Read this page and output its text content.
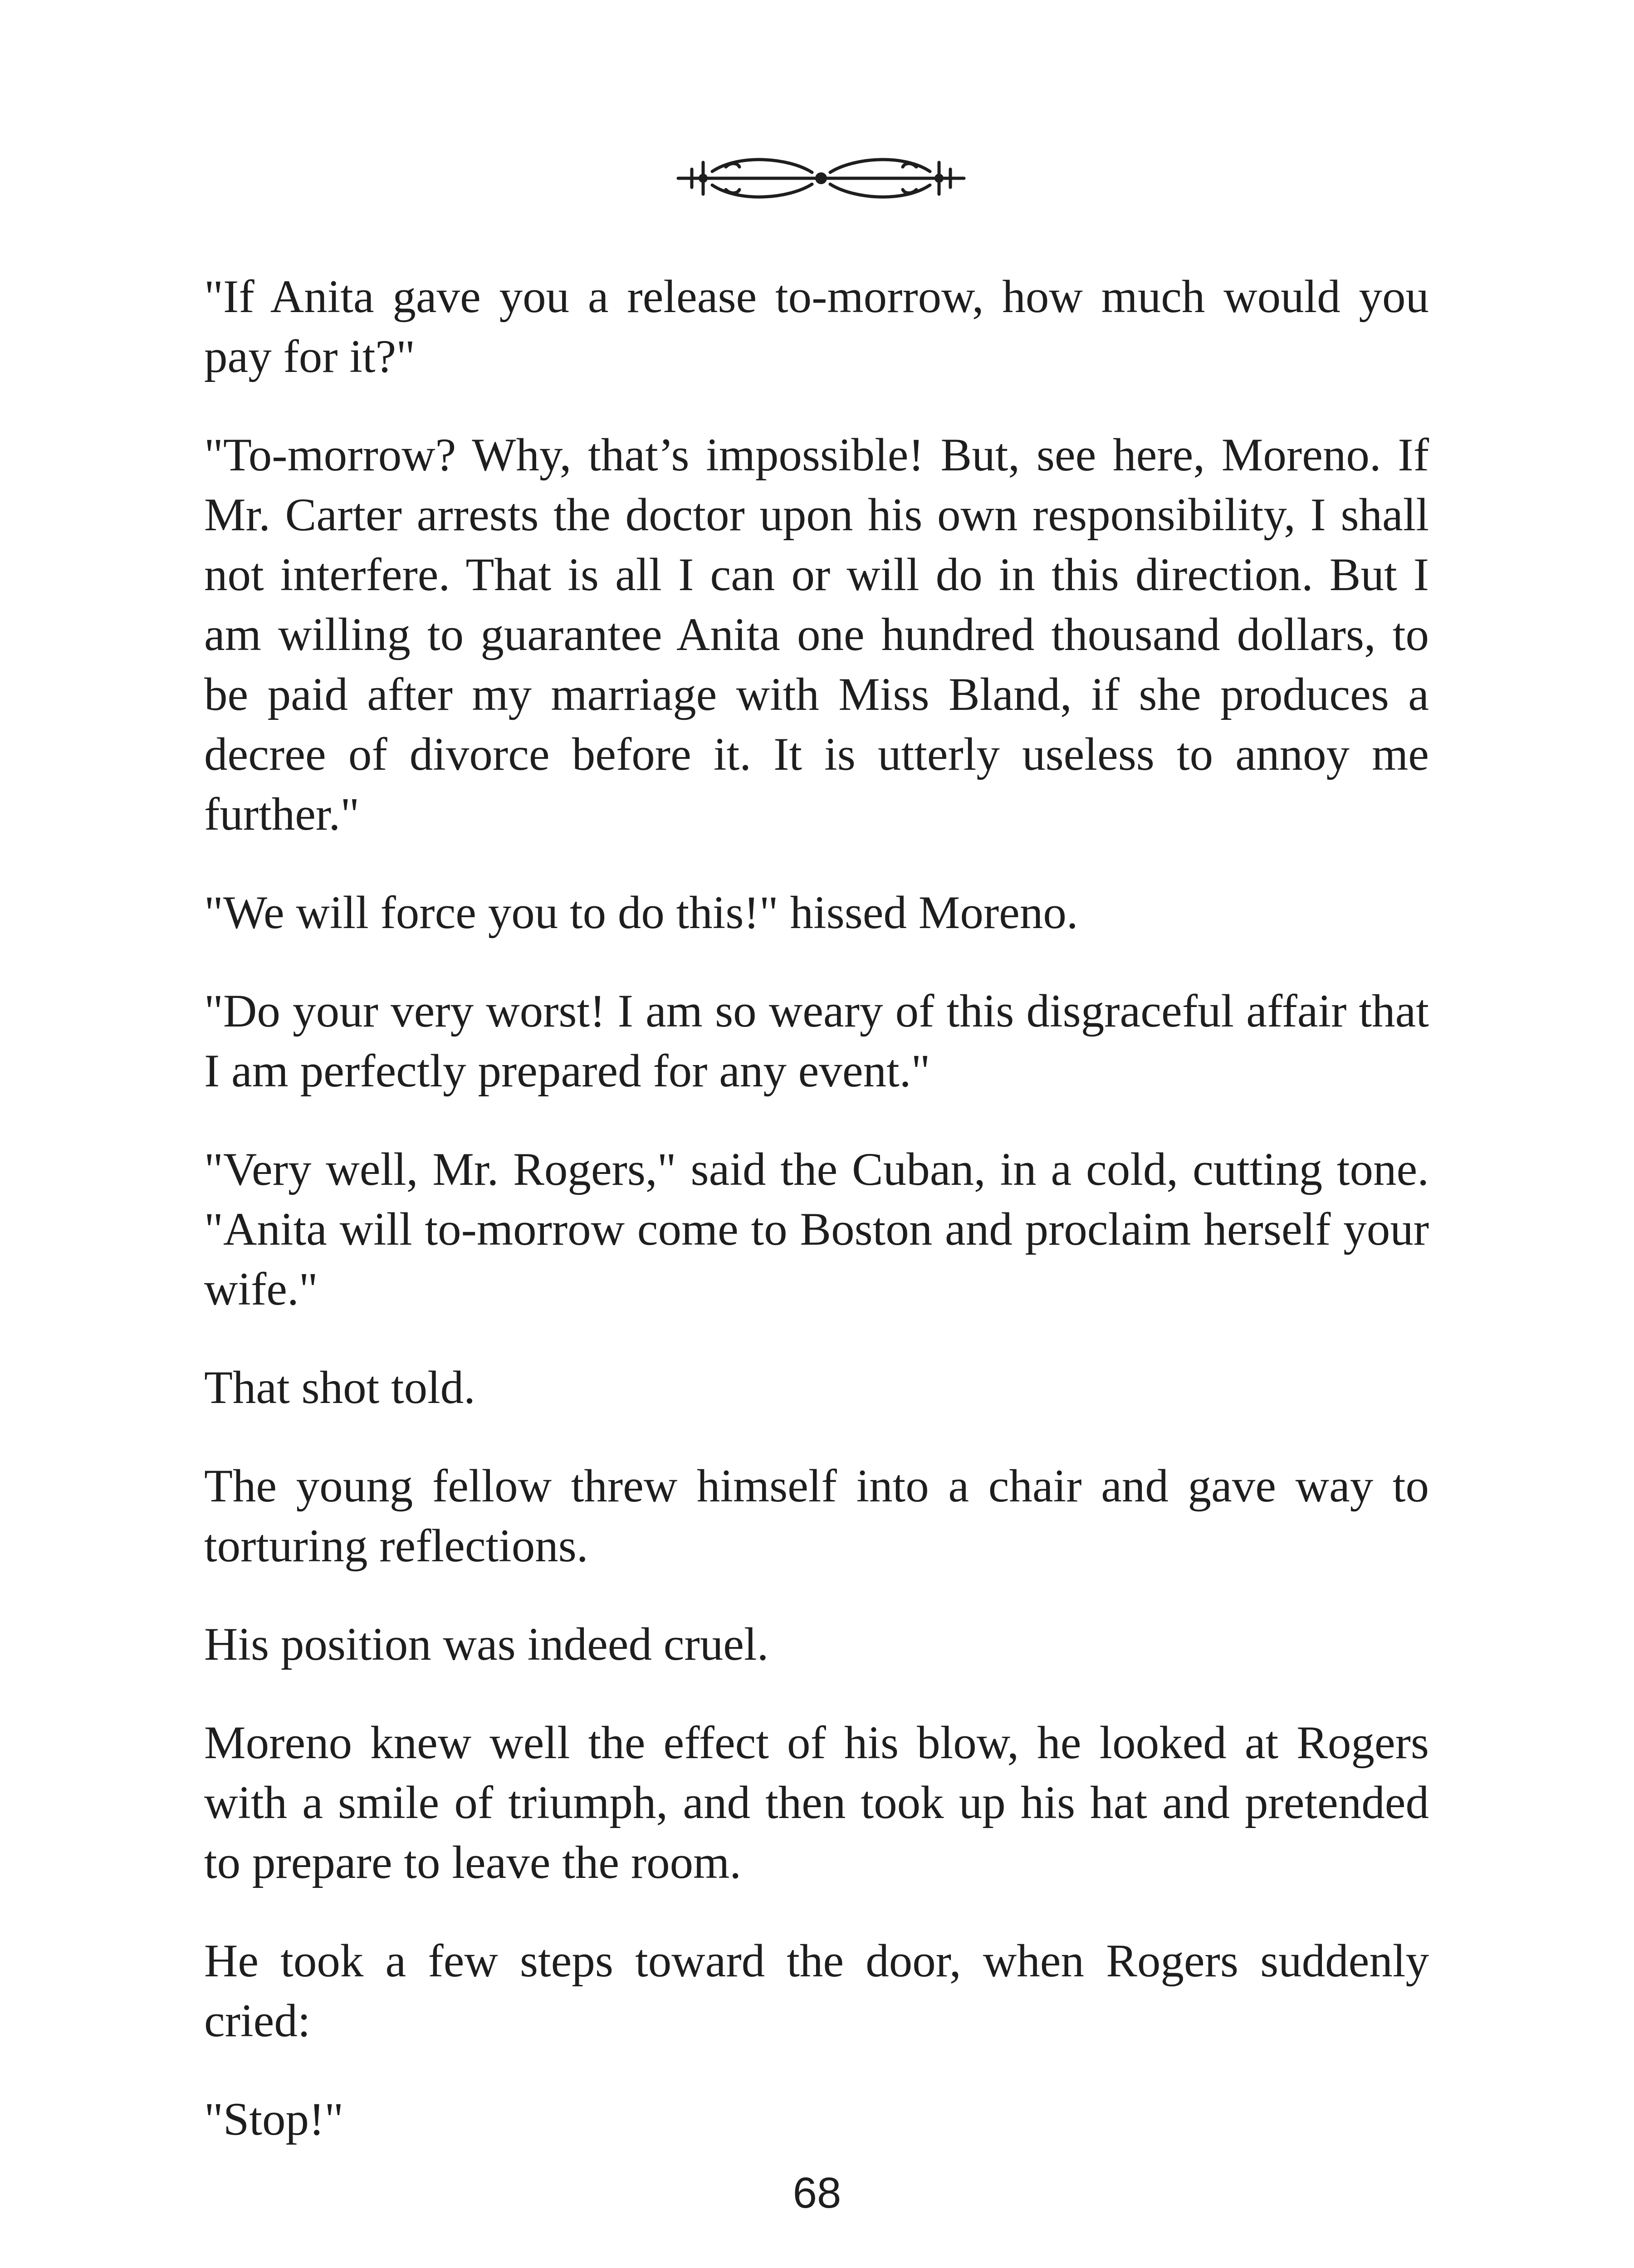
"If Anita gave you a release to-morrow, how much would you pay for it?"

"To-morrow? Why, that’s impossible! But, see here, Moreno. If Mr. Carter arrests the doctor upon his own responsibility, I shall not interfere. That is all I can or will do in this direction. But I am willing to guarantee Anita one hundred thousand dollars, to be paid after my marriage with Miss Bland, if she produces a decree of divorce before it. It is utterly useless to annoy me further."

"We will force you to do this!" hissed Moreno.

"Do your very worst! I am so weary of this disgraceful affair that I am perfectly prepared for any event."

"Very well, Mr. Rogers," said the Cuban, in a cold, cutting tone. "Anita will to-morrow come to Boston and proclaim herself your wife."

That shot told.

The young fellow threw himself into a chair and gave way to torturing reflections.

His position was indeed cruel.

Moreno knew well the effect of his blow, he looked at Rogers with a smile of triumph, and then took up his hat and pretended to prepare to leave the room.

He took a few steps toward the door, when Rogers suddenly cried:

"Stop!"

68
